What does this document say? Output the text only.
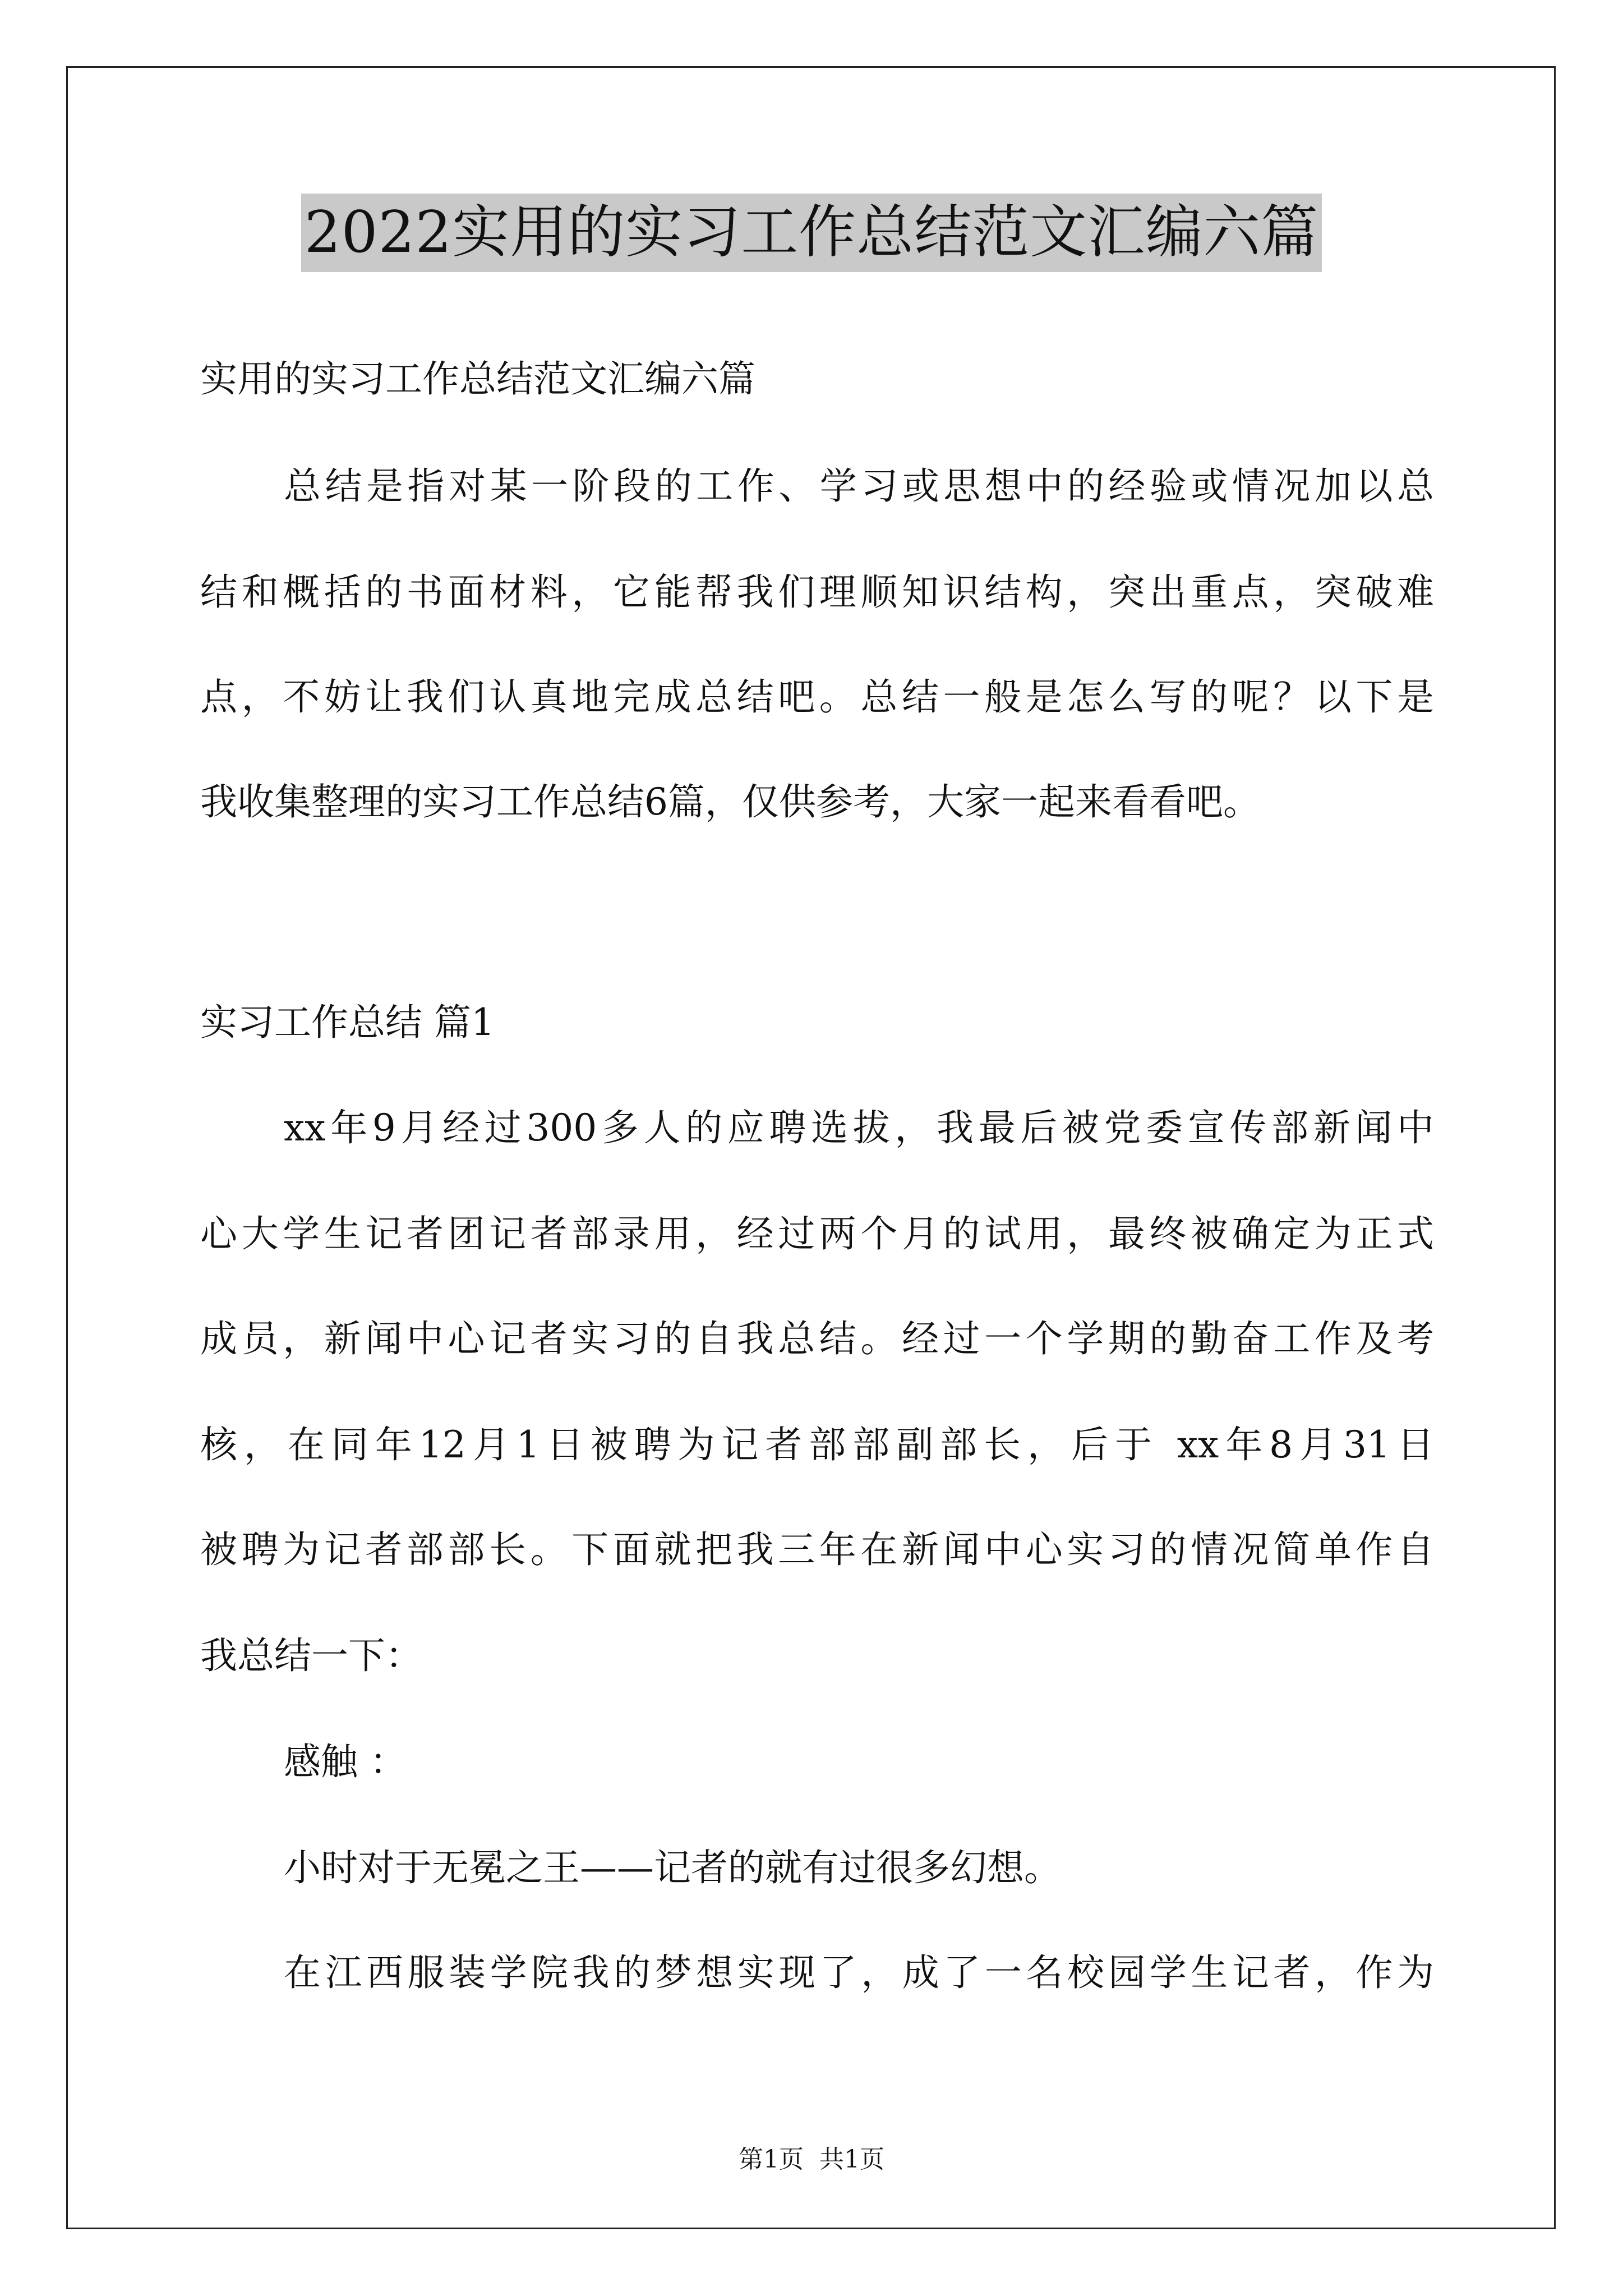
2022实用的实习工作总结范文汇编六篇
实用的实习工作总结范文汇编六篇
总结是指对某一阶段的工作、学习或思想中的经验或情况加以总
结和概括的书面材料，它能帮我们理顺知识结构，突出重点，突破难
点，不妨让我们认真地完成总结吧。总结一般是怎么写的呢？以下是
我收集整理的实习工作总结6篇，仅供参考，大家一起来看看吧。
实习工作总结 篇1
xx年9月经过300多人的应聘选拔，我最后被党委宣传部新闻中
心大学生记者团记者部录用，经过两个月的试用，最终被确定为正式
成员，新闻中心记者实习的自我总结。经过一个学期的勤奋工作及考
核，在同年12月1日被聘为记者部部副部长，后于 xx年8月31日
被聘为记者部部长。下面就把我三年在新闻中心实习的情况简单作自
我总结一下：
感触 ：
小时对于无冕之王——记者的就有过很多幻想。
在江西服装学院我的梦想实现了，成了一名校园学生记者，作为
第1页 共1页
